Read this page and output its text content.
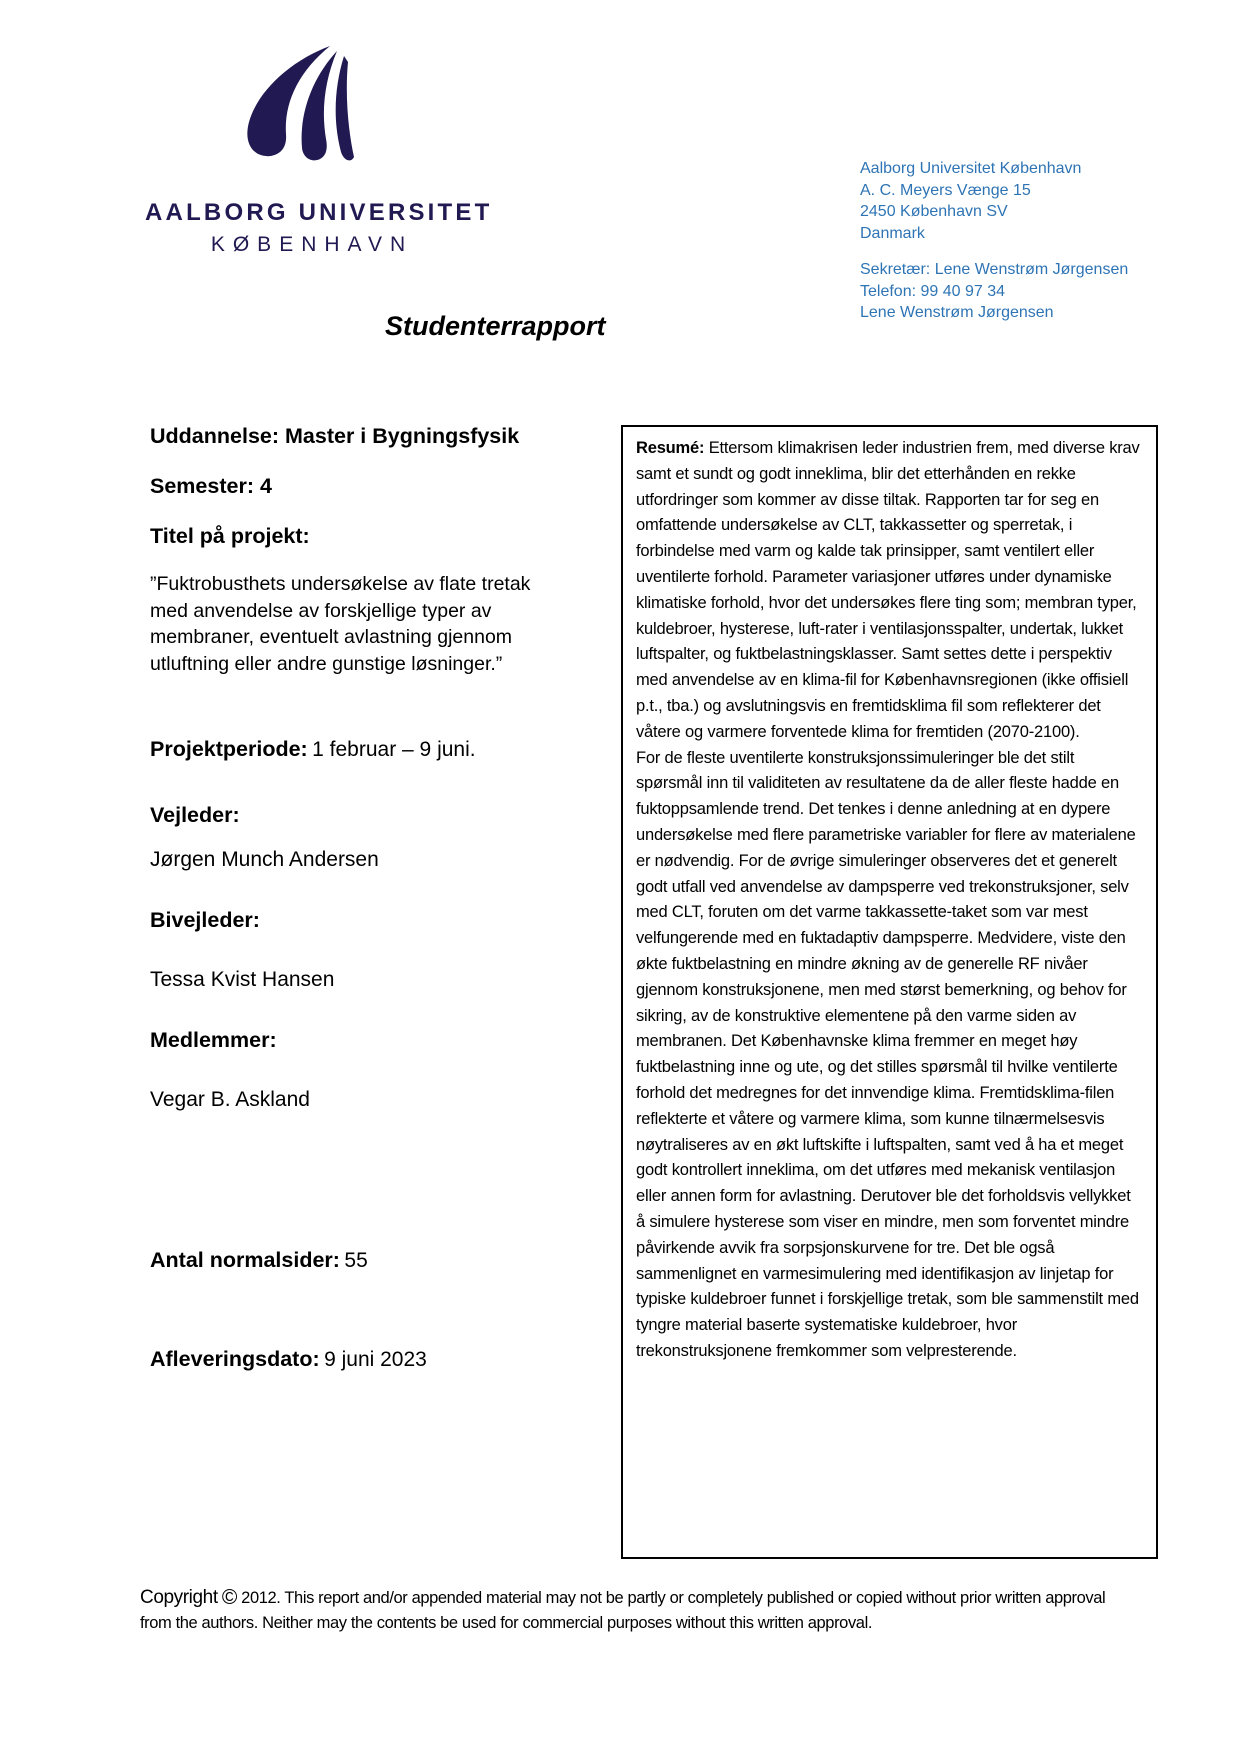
AALBORG UNIVERSITET
KØBENHAVN
Aalborg Universitet København
A. C. Meyers Vænge 15
2450 København SV
Danmark
Sekretær: Lene Wenstrøm Jørgensen
Telefon: 99 40 97 34
Lene Wenstrøm Jørgensen
Studenterrapport
Uddannelse: Master i Bygningsfysik
Semester: 4
Titel på projekt:
”Fuktrobusthets undersøkelse av flate tretak med anvendelse av forskjellige typer av membraner, eventuelt avlastning gjennom utluftning eller andre gunstige løsninger.”
Projektperiode: 1 februar – 9 juni.
Vejleder:
Jørgen Munch Andersen
Bivejleder:
Tessa Kvist Hansen
Medlemmer:
Vegar B. Askland
Antal normalsider: 55
Afleveringsdato: 9 juni 2023

Resumé: Ettersom klimakrisen leder industrien frem, med diverse krav samt et sundt og godt inneklima, blir det etterhånden en rekke utfordringer som kommer av disse tiltak. Rapporten tar for seg en omfattende undersøkelse av CLT, takkassetter og sperretak, i forbindelse med varm og kalde tak prinsipper, samt ventilert eller uventilerte forhold. Parameter variasjoner utføres under dynamiske klimatiske forhold, hvor det undersøkes flere ting som; membran typer, kuldebroer, hysterese, luft-rater i ventilasjonsspalter, undertak, lukket luftspalter, og fuktbelastningsklasser. Samt settes dette i perspektiv med anvendelse av en klima-fil for Københavnsregionen (ikke offisiell p.t., tba.) og avslutningsvis en fremtidsklima fil som reflekterer det våtere og varmere forventede klima for fremtiden (2070-2100).

For de fleste uventilerte konstruksjonssimuleringer ble det stilt spørsmål inn til validiteten av resultatene da de aller fleste hadde en fuktoppsamlende trend. Det tenkes i denne anledning at en dypere undersøkelse med flere parametriske variabler for flere av materialene er nødvendig. For de øvrige simuleringer observeres det et generelt godt utfall ved anvendelse av dampsperre ved trekonstruksjoner, selv med CLT, foruten om det varme takkassette-taket som var mest velfungerende med en fuktadaptiv dampsperre. Medvidere, viste den økte fuktbelastning en mindre økning av de generelle RF nivåer gjennom konstruksjonene, men med størst bemerkning, og behov for sikring, av de konstruktive elementene på den varme siden av membranen. Det Københavnske klima fremmer en meget høy fuktbelastning inne og ute, og det stilles spørsmål til hvilke ventilerte forhold det medregnes for det innvendige klima. Fremtidsklima-filen reflekterte et våtere og varmere klima, som kunne tilnærmelsesvis nøytraliseres av en økt luftskifte i luftspalten, samt ved å ha et meget godt kontrollert inneklima, om det utføres med mekanisk ventilasjon eller annen form for avlastning. Derutover ble det forholdsvis vellykket å simulere hysterese som viser en mindre, men som forventet mindre påvirkende avvik fra sorpsjonskurvene for tre. Det ble også sammenlignet en varmesimulering med identifikasjon av linjetap for typiske kuldebroer funnet i forskjellige tretak, som ble sammenstilt med tyngre material baserte systematiske kuldebroer, hvor trekonstruksjonene fremkommer som velpresterende.

Copyright © 2012. This report and/or appended material may not be partly or completely published or copied without prior written approval from the authors. Neither may the contents be used for commercial purposes without this written approval.
